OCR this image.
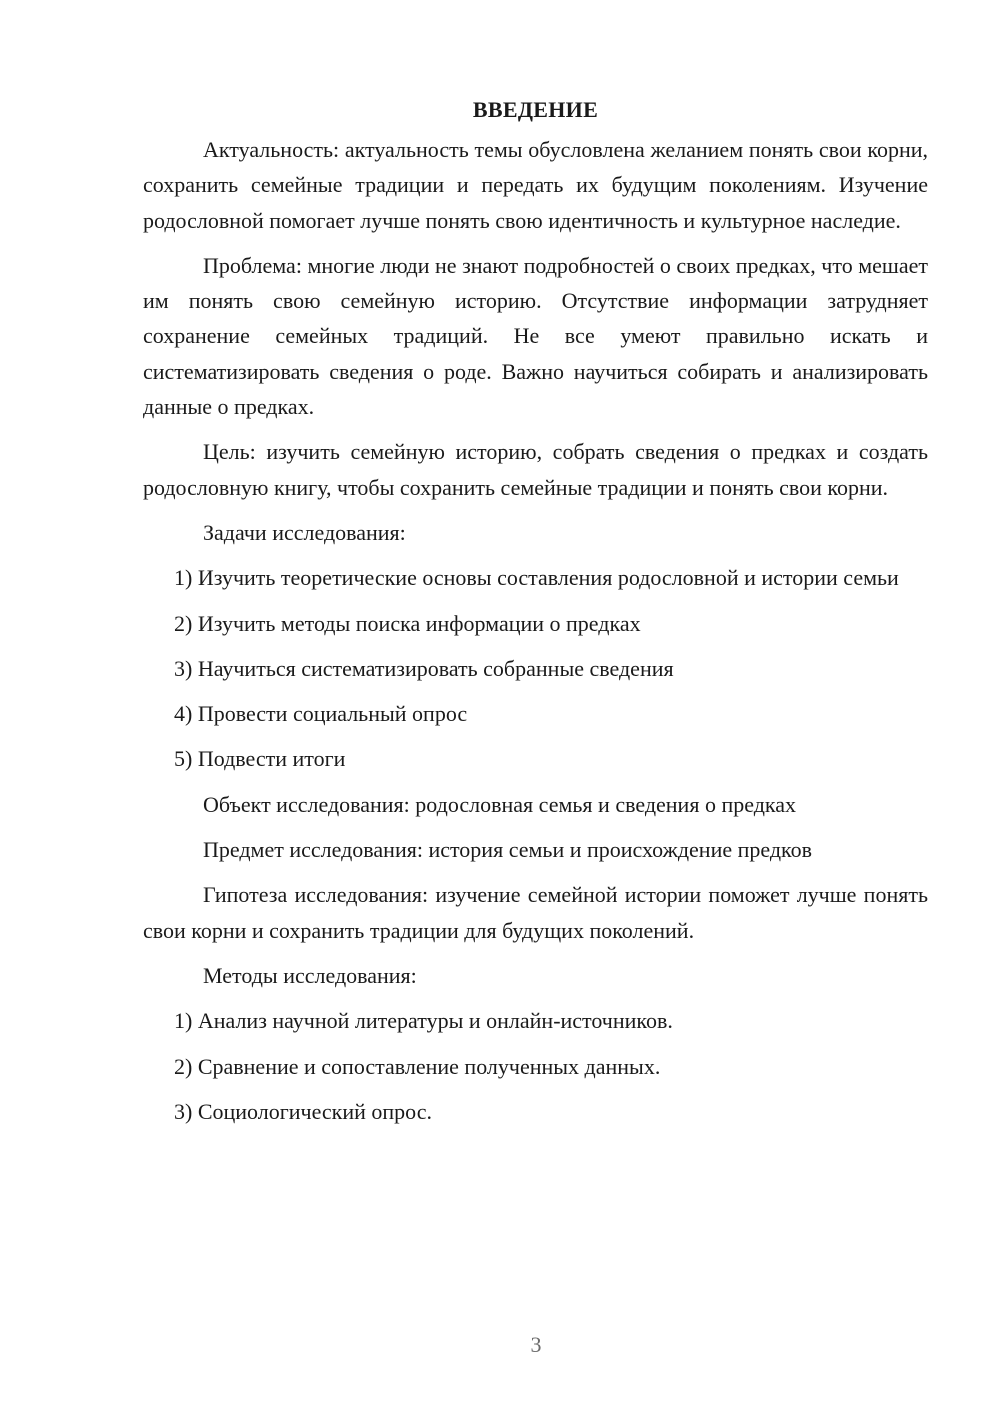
ВВЕДЕНИЕ

Актуальность: актуальность темы обусловлена желанием понять свои корни, сохранить семейные традиции и передать их будущим поколениям. Изучение родословной помогает лучше понять свою идентичность и культурное наследие.

Проблема: многие люди не знают подробностей о своих предках, что мешает им понять свою семейную историю. Отсутствие информации затрудняет сохранение семейных традиций. Не все умеют правильно искать и систематизировать сведения о роде. Важно научиться собирать и анализировать данные о предках.

Цель: изучить семейную историю, собрать сведения о предках и создать родословную книгу, чтобы сохранить семейные традиции и понять свои корни.

Задачи исследования:

1) Изучить теоретические основы составления родословной и истории семьи

2) Изучить методы поиска информации о предках

3) Научиться систематизировать собранные сведения

4) Провести социальный опрос

5) Подвести итоги

Объект исследования: родословная семья и сведения о предках

Предмет исследования: история семьи и происхождение предков

Гипотеза исследования: изучение семейной истории поможет лучше понять свои корни и сохранить традиции для будущих поколений.

Методы исследования:

1) Анализ научной литературы и онлайн-источников.

2) Сравнение и сопоставление полученных данных.

3) Социологический опрос.

3
